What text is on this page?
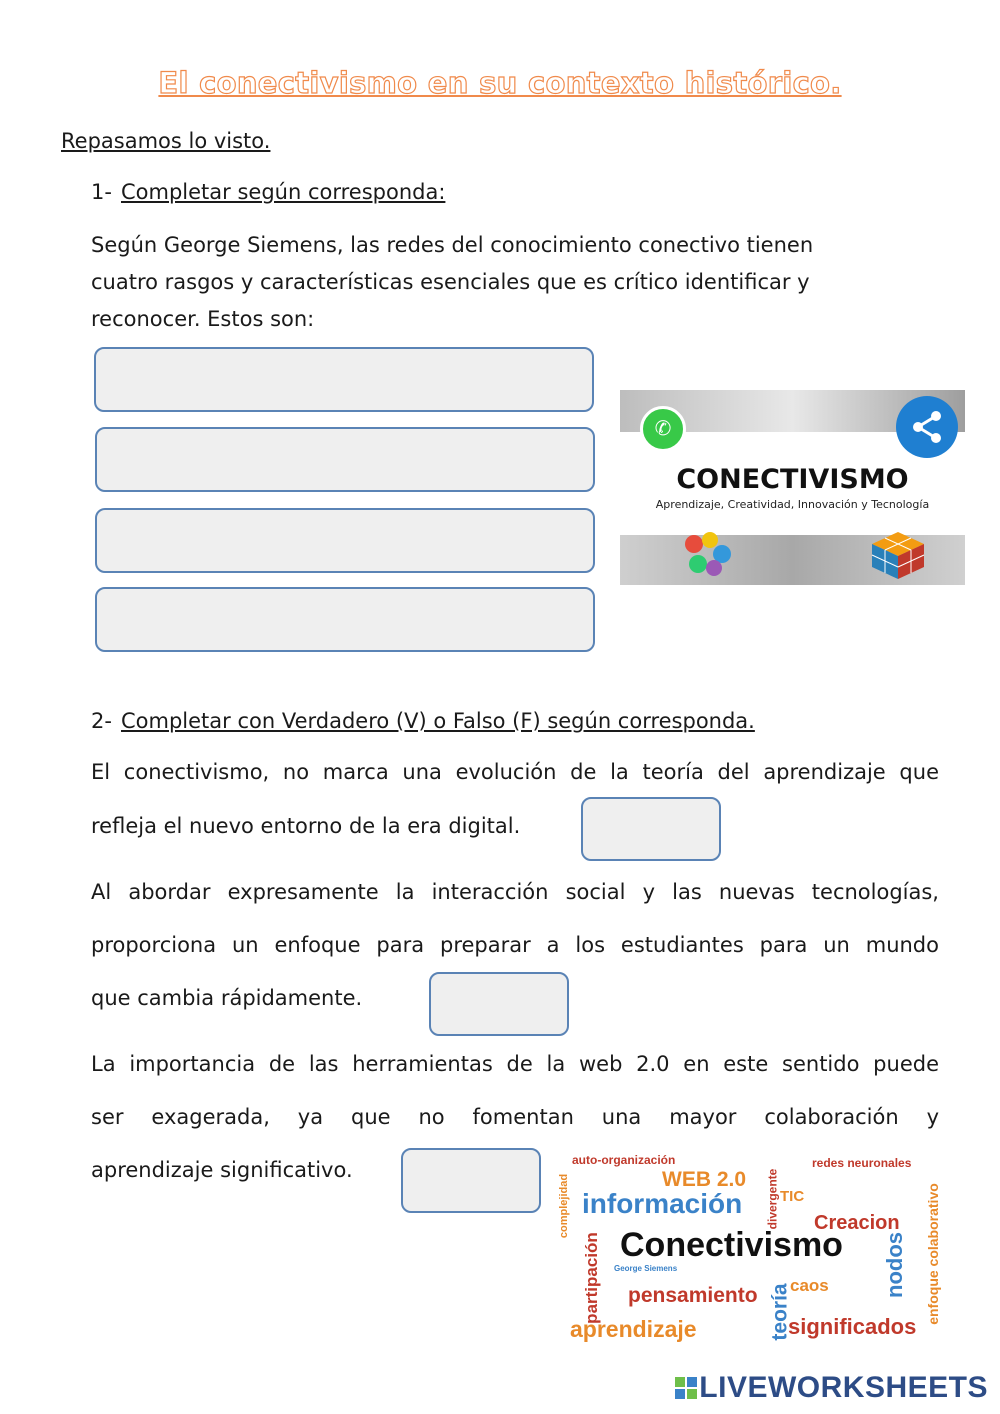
El conectivismo en su contexto histórico.
Repasamos lo visto.
1- Completar según corresponda:
Según George Siemens, las redes del conocimiento conectivo tienen
cuatro rasgos y características esenciales que es crítico identificar y
reconocer. Estos son:
✆
CONECTIVISMO
Aprendizaje, Creatividad, Innovación y Tecnología
2- Completar con Verdadero (V) o Falso (F) según corresponda.
El conectivismo, no marca una evolución de la teoría del aprendizaje que
refleja el nuevo entorno de la era digital.
Al abordar expresamente la interacción social y las nuevas tecnologías,
proporciona un enfoque para preparar a los estudiantes para un mundo
que cambia rápidamente.
La importancia de las herramientas de la web 2.0 en este sentido puede
ser exagerada, ya que no fomentan una mayor colaboración y
aprendizaje significativo.	auto-organización
WEB 2.0
redes neuronales
información	TIC
Creacion
complejidad	divergente
Conectivismo
George Siemens
partipación	caos nodos enfoque colaborativo
pensamiento teoría
aprendizaje	significados
LIVEWORKSHEETS
